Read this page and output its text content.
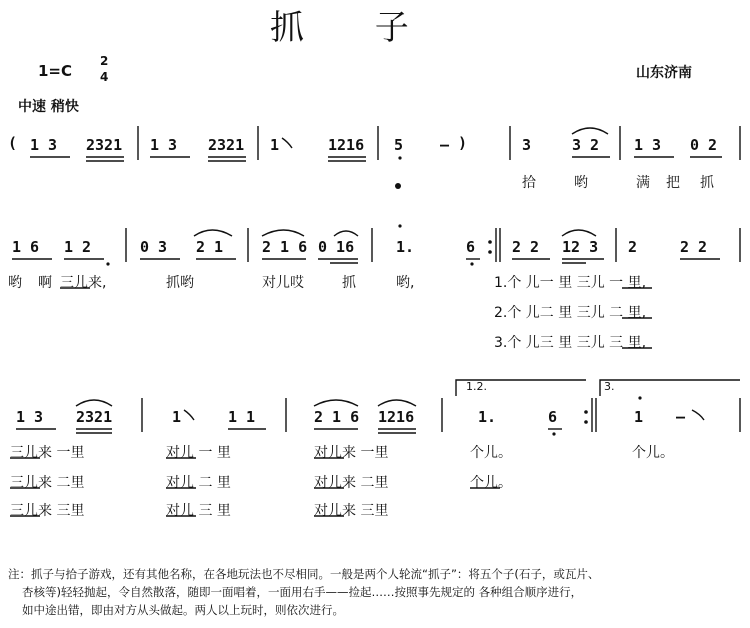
抓 子
1=C
2
4	山东济南
中速 稍快
( 1 3 2321 1 3 2321 1	1216 5 – )	3	3 2 1 3 0 2
拾	哟	满 把 抓
1 6 1 2	0 3 2 1	2 1 6 0 16	1.	6 2 2 12 3 2	2 2
哟 啊 三儿来,	抓哟	对儿哎	抓	哟,	1.个 儿一 里 三儿 一 里,
2.个 儿二 里 三儿 二 里,
3.个 儿三 里 三儿 三 里,
1 3 2321	1	1 1	2 1 6 1216	1.	6	1 –
1.2.	3.
三儿来 一里	对儿 一 里	对儿来 一里	个儿。	个儿。
三儿来 二里	对儿 二 里	对儿来 二里	个儿。
三儿来 三里	对儿 三 里	对儿来 三里
注：抓子与拾子游戏，还有其他名称，在各地玩法也不尽相同。一般是两个人轮流“抓子”：将五个子(石子，或瓦片、
杏核等)轻轻抛起，令自然散落，随即一面唱着，一面用右手——捡起……按照事先规定的 各种组合顺序进行，
如中途出错，即由对方从头做起。两人以上玩时，则依次进行。
